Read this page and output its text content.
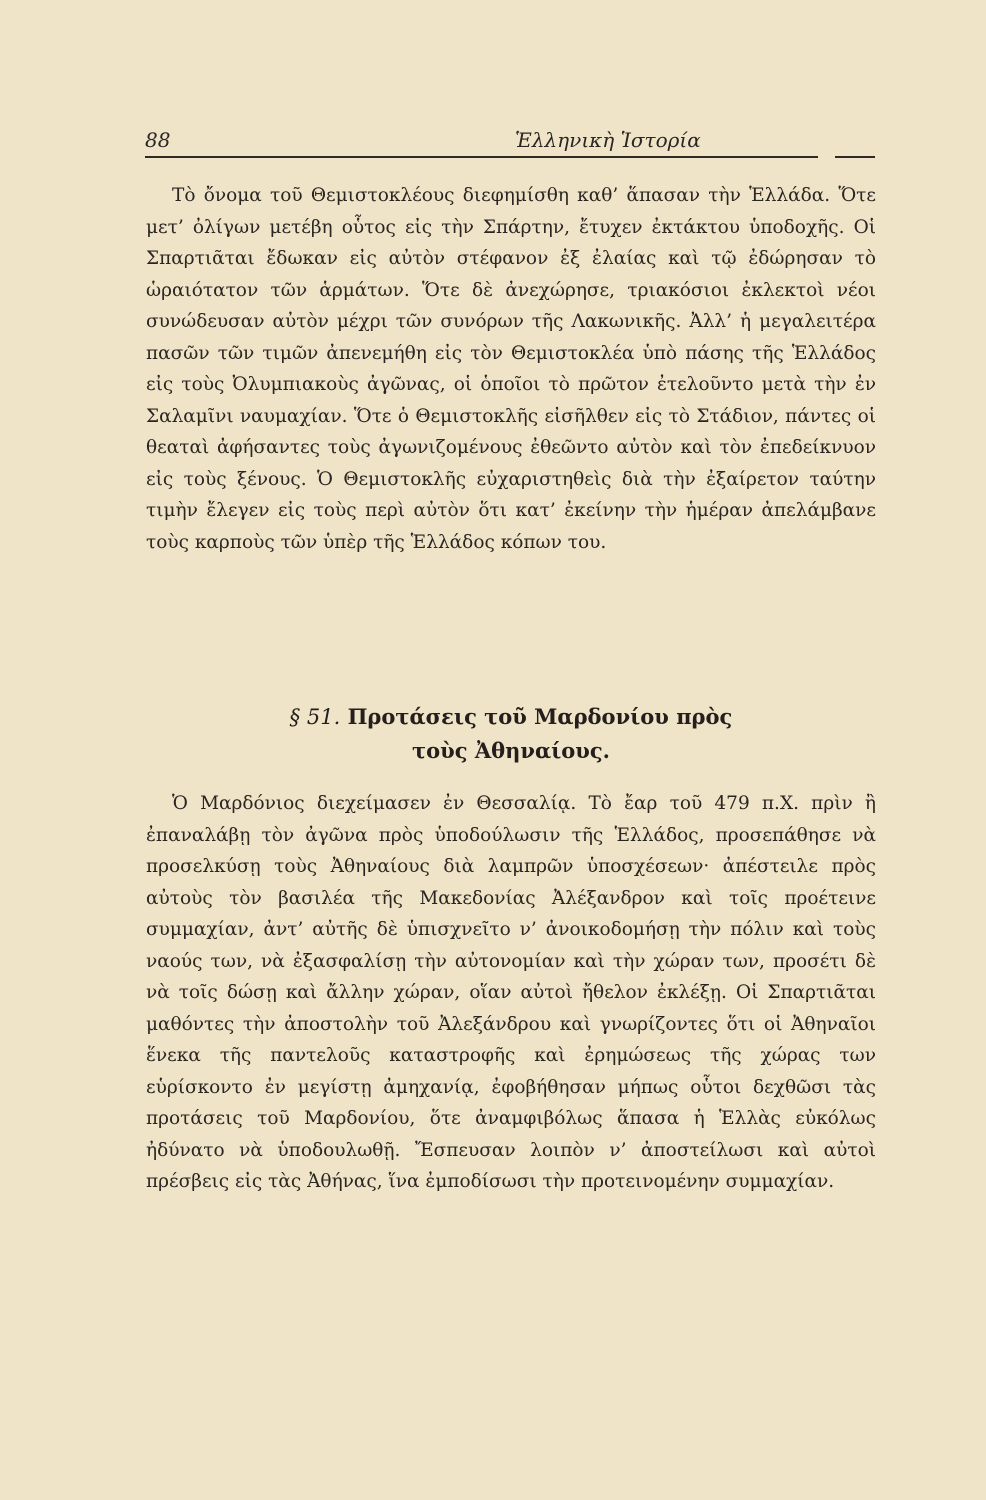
88	Ἑλληνικὴ Ἱστορία

Τὸ ὄνομα τοῦ Θεμιστοκλέους διεφημίσθη καθ’ ἅπασαν τὴν Ἑλλάδα. Ὅτε μετ’ ὀλίγων μετέβη οὗτος εἰς τὴν Σπάρτην, ἔτυχεν ἐκτάκτου ὑποδοχῆς. Οἱ Σπαρτιᾶται ἔδωκαν εἰς αὐτὸν στέφανον ἐξ ἐλαίας καὶ τῷ ἐδώρησαν τὸ ὡραιότατον τῶν ἁρμάτων. Ὅτε δὲ ἀνεχώρησε, τριακόσιοι ἐκλεκτοὶ νέοι συνώδευσαν αὐτὸν μέχρι τῶν συνόρων τῆς Λακωνικῆς. Ἀλλ’ ἡ μεγαλειτέρα πασῶν τῶν τιμῶν ἀπενεμήθη εἰς τὸν Θεμιστοκλέα ὑπὸ πάσης τῆς Ἑλλάδος εἰς τοὺς Ὀλυμπιακοὺς ἀγῶνας, οἱ ὁποῖοι τὸ πρῶτον ἐτελοῦντο μετὰ τὴν ἐν Σαλαμῖνι ναυμαχίαν. Ὅτε ὁ Θεμιστοκλῆς εἰσῆλθεν εἰς τὸ Στάδιον, πάντες οἱ θεαταὶ ἀφήσαντες τοὺς ἀγωνιζομένους ἐθεῶντο αὐτὸν καὶ τὸν ἐπεδείκνυον εἰς τοὺς ξένους. Ὁ Θεμιστοκλῆς εὐχαριστηθεὶς διὰ τὴν ἐξαίρετον ταύτην τιμὴν ἔλεγεν εἰς τοὺς περὶ αὐτὸν ὅτι κατ’ ἐκείνην τὴν ἡμέραν ἀπελάμβανε τοὺς καρποὺς τῶν ὑπὲρ τῆς Ἑλλάδος κόπων του.

§ 51. Προτάσεις τοῦ Μαρδονίου πρὸς
τοὺς Ἀθηναίους.

Ὁ Μαρδόνιος διεχείμασεν ἐν Θεσσαλίᾳ. Τὸ ἔαρ τοῦ 479 π.Χ. πρὶν ἢ ἐπαναλάβῃ τὸν ἀγῶνα πρὸς ὑποδούλωσιν τῆς Ἑλλάδος, προσεπάθησε νὰ προσελκύσῃ τοὺς Ἀθηναίους διὰ λαμπρῶν ὑποσχέσεων· ἀπέστειλε πρὸς αὐτοὺς τὸν βασιλέα τῆς Μακεδονίας Ἀλέξανδρον καὶ τοῖς προέτεινε συμμαχίαν, ἀντ’ αὐτῆς δὲ ὑπισχνεῖτο ν’ ἀνοικοδομήσῃ τὴν πόλιν καὶ τοὺς ναούς των, νὰ ἐξασφαλίσῃ τὴν αὐτονομίαν καὶ τὴν χώραν των, προσέτι δὲ νὰ τοῖς δώσῃ καὶ ἄλλην χώραν, οἵαν αὐτοὶ ἤθελον ἐκλέξῃ. Οἱ Σπαρτιᾶται μαθόντες τὴν ἀποστολὴν τοῦ Ἀλεξάνδρου καὶ γνωρίζοντες ὅτι οἱ Ἀθηναῖοι ἕνεκα τῆς παντελοῦς καταστροφῆς καὶ ἐρημώσεως τῆς χώρας των εὑρίσκοντο ἐν μεγίστῃ ἀμηχανίᾳ, ἐφοβήθησαν μήπως οὗτοι δεχθῶσι τὰς προτάσεις τοῦ Μαρδονίου, ὅτε ἀναμφιβόλως ἅπασα ἡ Ἑλλὰς εὐκόλως ἠδύνατο νὰ ὑποδουλωθῇ. Ἔσπευσαν λοιπὸν ν’ ἀποστείλωσι καὶ αὐτοὶ πρέσβεις εἰς τὰς Ἀθήνας, ἵνα ἐμποδίσωσι τὴν προτεινομένην συμμαχίαν.
